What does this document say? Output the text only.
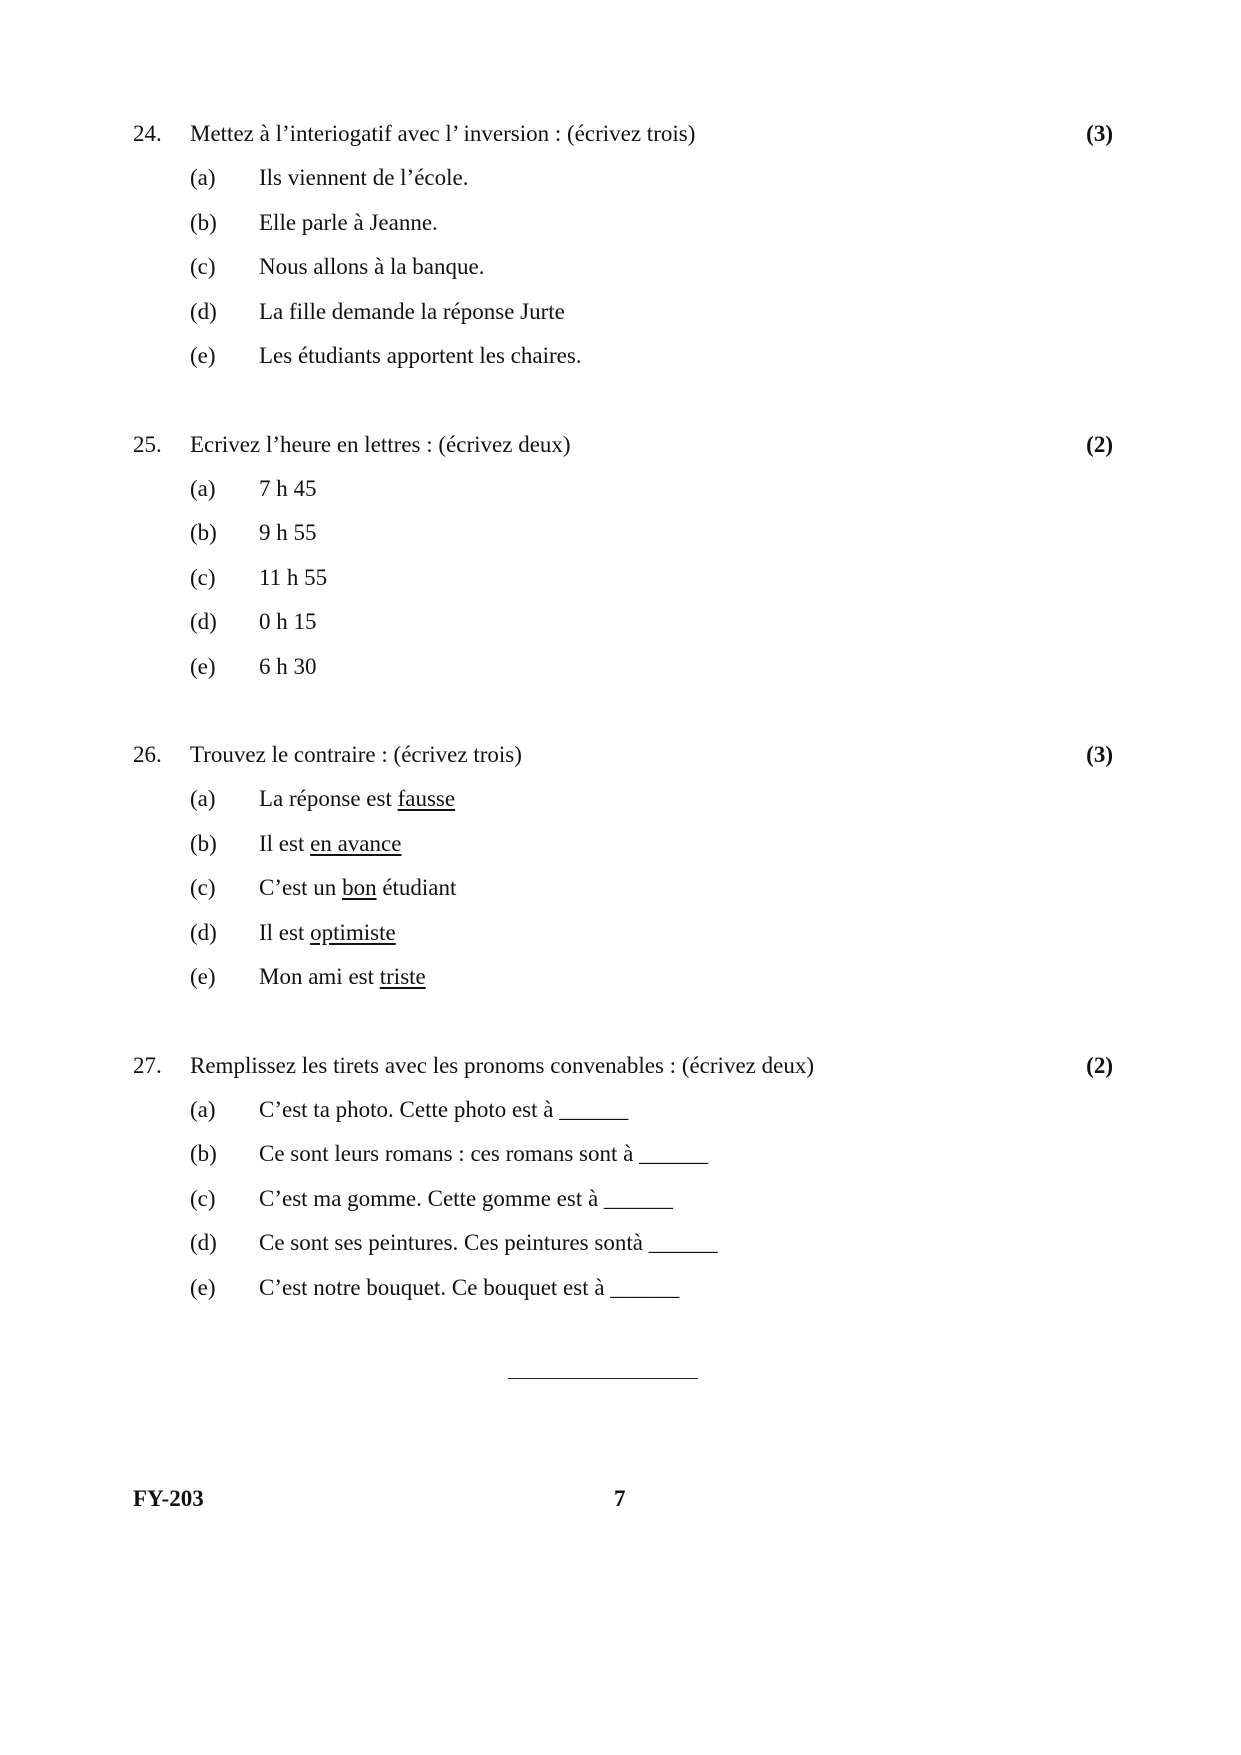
24. Mettez à l’interiogatif avec l’ inversion : (écrivez trois)	(3)
(a) Ils viennent de l’école.
(b) Elle parle à Jeanne.
(c) Nous allons à la banque.
(d) La fille demande la réponse Jurte
(e) Les étudiants apportent les chaires.
25. Ecrivez l’heure en lettres : (écrivez deux)	(2)
(a) 7 h 45
(b) 9 h 55
(c) 11 h 55
(d) 0 h 15
(e) 6 h 30
26. Trouvez le contraire : (écrivez trois)	(3)
(a) La réponse est fausse
(b) Il est en avance
(c) C’est un bon étudiant
(d) Il est optimiste
(e) Mon ami est triste
27. Remplissez les tirets avec les pronoms convenables : (écrivez deux)	(2)
(a) C’est ta photo. Cette photo est à ______
(b) Ce sont leurs romans : ces romans sont à ______
(c) C’est ma gomme. Cette gomme est à ______
(d) Ce sont ses peintures. Ces peintures sontà ______
(e) C’est notre bouquet. Ce bouquet est à ______
FY-203	7
